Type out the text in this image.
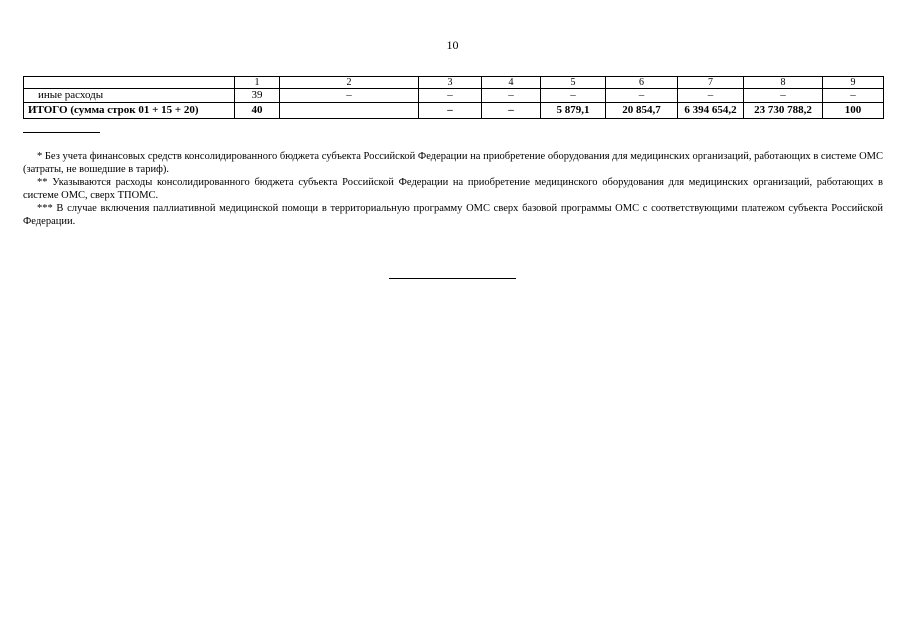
10
	1	2	3	4	5	6	7	8	9
иные расходы	39	–	–	–	–	–	–	–	–
ИТОГО (сумма строк 01 + 15 + 20)	40		–	–	5 879,1	20 854,7	6 394 654,2	23 730 788,2	100

* Без учета финансовых средств консолидированного бюджета субъекта Российской Федерации на приобретение оборудования для медицинских организаций, работающих в системе ОМС (затраты, не вошедшие в тариф).

** Указываются расходы консолидированного бюджета субъекта Российской Федерации на приобретение медицинского оборудования для медицинских организаций, работающих в системе ОМС, сверх ТПОМС.

*** В случае включения паллиативной медицинской помощи в территориальную программу ОМС сверх базовой программы ОМС с соответствующими платежом субъекта Российской Федерации.
